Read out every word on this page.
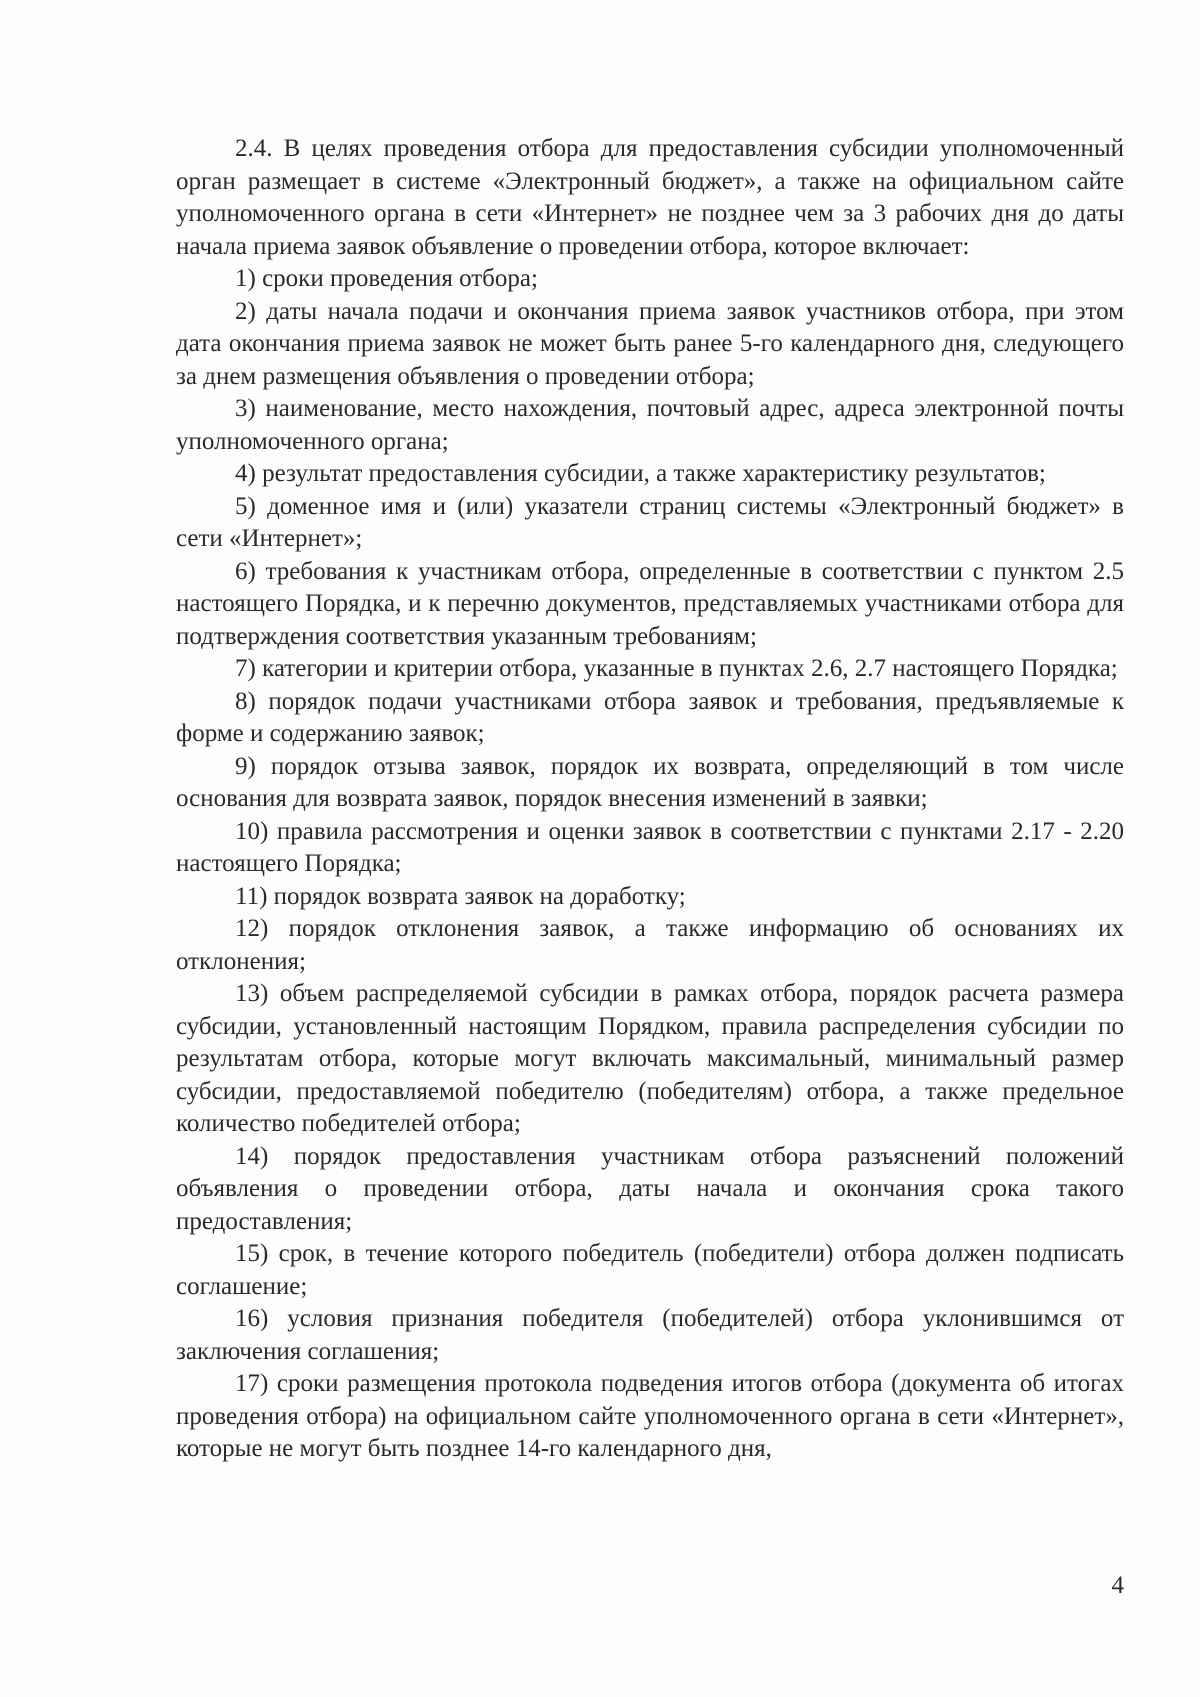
2.4. В целях проведения отбора для предоставления субсидии уполномоченный орган размещает в системе «Электронный бюджет», а также на официальном сайте уполномоченного органа в сети «Интернет» не позднее чем за 3 рабочих дня до даты начала приема заявок объявление о проведении отбора, которое включает:

1) сроки проведения отбора;

2) даты начала подачи и окончания приема заявок участников отбора, при этом дата окончания приема заявок не может быть ранее 5-го календарного дня, следующего за днем размещения объявления о проведении отбора;

3) наименование, место нахождения, почтовый адрес, адреса электронной почты уполномоченного органа;

4) результат предоставления субсидии, а также характеристику результатов;

5) доменное имя и (или) указатели страниц системы «Электронный бюджет» в сети «Интернет»;

6) требования к участникам отбора, определенные в соответствии с пунктом 2.5 настоящего Порядка, и к перечню документов, представляемых участниками отбора для подтверждения соответствия указанным требованиям;

7) категории и критерии отбора, указанные в пунктах 2.6, 2.7 настоящего Порядка;

8) порядок подачи участниками отбора заявок и требования, предъявляемые к форме и содержанию заявок;

9) порядок отзыва заявок, порядок их возврата, определяющий в том числе основания для возврата заявок, порядок внесения изменений в заявки;

10) правила рассмотрения и оценки заявок в соответствии с пунктами 2.17 - 2.20 настоящего Порядка;

11) порядок возврата заявок на доработку;

12) порядок отклонения заявок, а также информацию об основаниях их отклонения;

13) объем распределяемой субсидии в рамках отбора, порядок расчета размера субсидии, установленный настоящим Порядком, правила распределения субсидии по результатам отбора, которые могут включать максимальный, минимальный размер субсидии, предоставляемой победителю (победителям) отбора, а также предельное количество победителей отбора;

14) порядок предоставления участникам отбора разъяснений положений объявления о проведении отбора, даты начала и окончания срока такого предоставления;

15) срок, в течение которого победитель (победители) отбора должен подписать соглашение;

16) условия признания победителя (победителей) отбора уклонившимся от заключения соглашения;

17) сроки размещения протокола подведения итогов отбора (документа об итогах проведения отбора) на официальном сайте уполномоченного органа в сети «Интернет», которые не могут быть позднее 14-го календарного дня,

4
